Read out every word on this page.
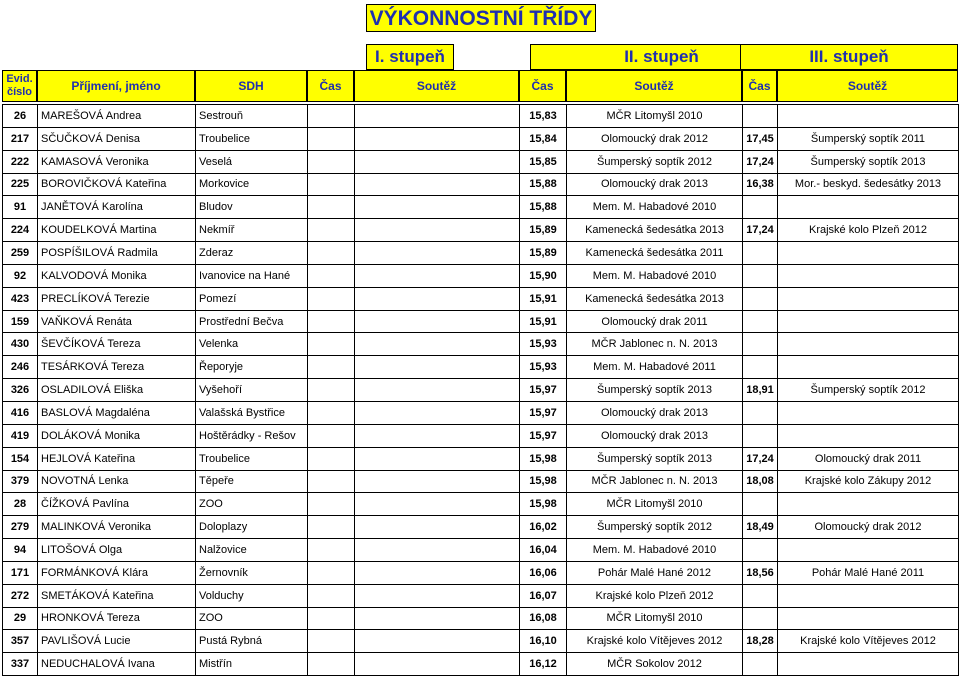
VÝKONNOSTNÍ TŘÍDY
I. stupeň	II. stupeň	III. stupeň
Evid. číslo	Příjmení, jméno	SDH	Čas	Soutěž	Čas	Soutěž	Čas	Soutěž
26	MAREŠOVÁ Andrea	Sestrouň			15,83	MČR Litomyšl 2010		
217	SČUČKOVÁ Denisa	Troubelice			15,84	Olomoucký drak 2012	17,45	Šumperský soptík 2011
222	KAMASOVÁ Veronika	Veselá			15,85	Šumperský soptík 2012	17,24	Šumperský soptík 2013
225	BOROVIČKOVÁ Kateřina	Morkovice			15,88	Olomoucký drak 2013	16,38	Mor.- beskyd. šedesátky 2013
91	JANĚTOVÁ Karolína	Bludov			15,88	Mem. M. Habadové 2010		
224	KOUDELKOVÁ Martina	Nekmíř			15,89	Kamenecká šedesátka 2013	17,24	Krajské kolo Plzeň 2012
259	POSPÍŠILOVÁ Radmila	Zderaz			15,89	Kamenecká šedesátka 2011		
92	KALVODOVÁ Monika	Ivanovice na Hané			15,90	Mem. M. Habadové 2010		
423	PRECLÍKOVÁ Terezie	Pomezí			15,91	Kamenecká šedesátka 2013		
159	VAŇKOVÁ Renáta	Prostřední Bečva			15,91	Olomoucký drak 2011		
430	ŠEVČÍKOVÁ Tereza	Velenka			15,93	MČR Jablonec n. N. 2013		
246	TESÁRKOVÁ Tereza	Řeporyje			15,93	Mem. M. Habadové 2011		
326	OSLADILOVÁ Eliška	Vyšehoří			15,97	Šumperský soptík 2013	18,91	Šumperský soptík 2012
416	BASLOVÁ Magdaléna	Valašská Bystřice			15,97	Olomoucký drak 2013		
419	DOLÁKOVÁ Monika	Hoštěrádky - Rešov			15,97	Olomoucký drak 2013		
154	HEJLOVÁ Kateřina	Troubelice			15,98	Šumperský soptík 2013	17,24	Olomoucký drak 2011
379	NOVOTNÁ Lenka	Těpeře			15,98	MČR Jablonec n. N. 2013	18,08	Krajské kolo Zákupy 2012
28	ČÍŽKOVÁ Pavlína	ZOO			15,98	MČR Litomyšl 2010		
279	MALINKOVÁ Veronika	Doloplazy			16,02	Šumperský soptík 2012	18,49	Olomoucký drak 2012
94	LITOŠOVÁ Olga	Nalžovice			16,04	Mem. M. Habadové 2010		
171	FORMÁNKOVÁ Klára	Žernovník			16,06	Pohár Malé Hané 2012	18,56	Pohár Malé Hané 2011
272	SMETÁKOVÁ Kateřina	Volduchy			16,07	Krajské kolo Plzeň 2012		
29	HRONKOVÁ Tereza	ZOO			16,08	MČR Litomyšl 2010		
357	PAVLIŠOVÁ Lucie	Pustá Rybná			16,10	Krajské kolo Vítějeves 2012	18,28	Krajské kolo Vítějeves 2012
337	NEDUCHALOVÁ Ivana	Mistřín			16,12	MČR Sokolov 2012		
